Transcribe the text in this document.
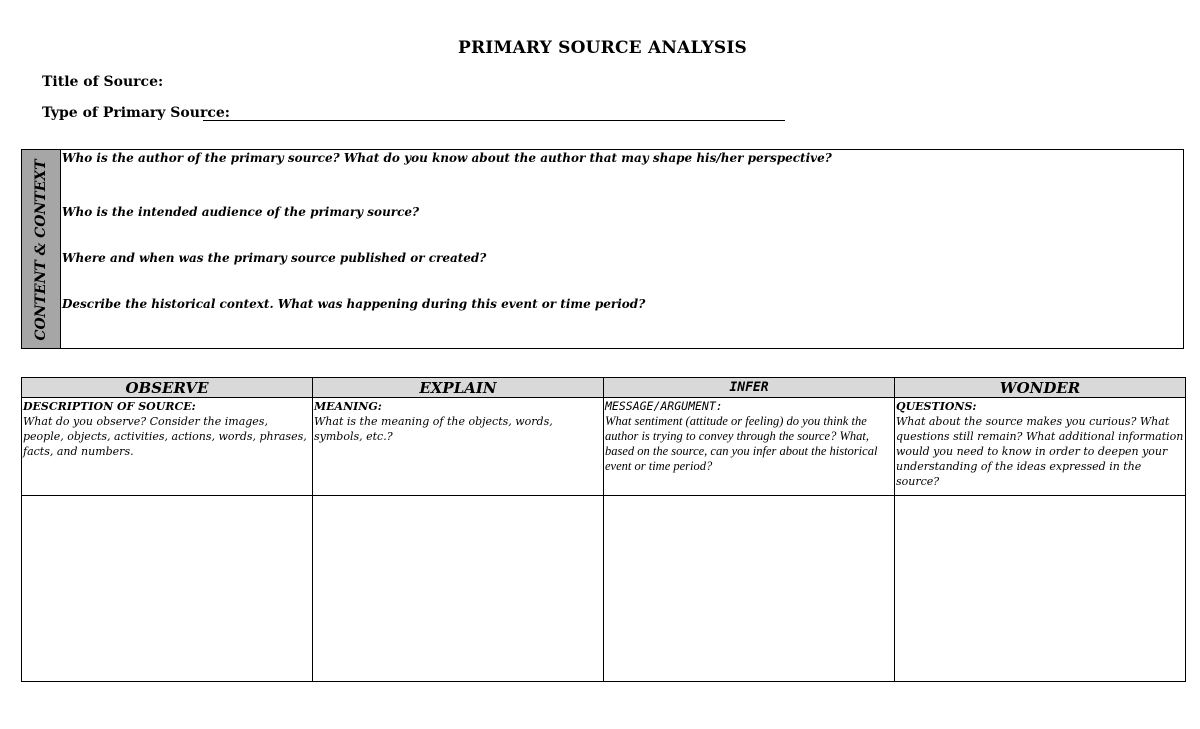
PRIMARY SOURCE ANALYSIS
Title of Source:
Type of Primary Source:
CONTENT & CONTEXT
Who is the author of the primary source? What do you know about the author that may shape his/her perspective?
Who is the intended audience of the primary source?
Where and when was the primary source published or created?
Describe the historical context. What was happening during this event or time period?
OBSERVE
DESCRIPTION OF SOURCE:
What do you observe? Consider the images, people, objects, activities, actions, words, phrases, facts, and numbers.
EXPLAIN
MEANING:
What is the meaning of the objects, words, symbols, etc.?
INFER
MESSAGE/ARGUMENT:
What sentiment (attitude or feeling) do you think the author is trying to convey through the source? What, based on the source, can you infer about the historical event or time period?
WONDER
QUESTIONS:
What about the source makes you curious? What questions still remain? What additional information would you need to know in order to deepen your understanding of the ideas expressed in the source?
